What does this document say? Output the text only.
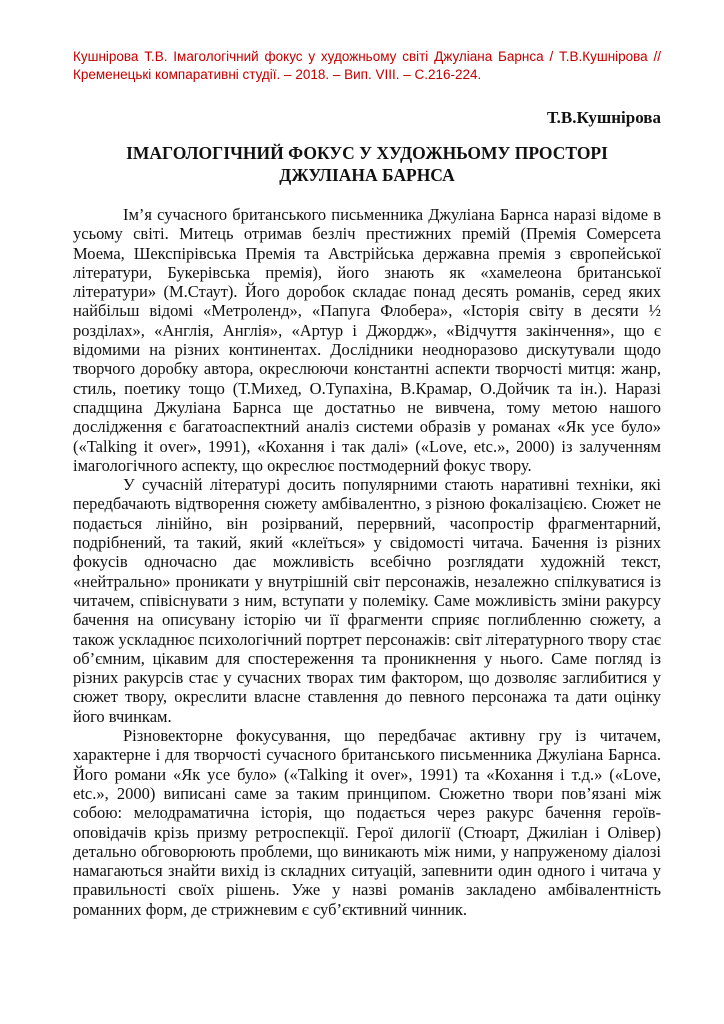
Кушнірова Т.В. Імагологічний фокус у художньому світі Джуліана Барнса / Т.В.Кушнірова //
Кременецькі компаративні студії. – 2018. – Вип. VIII. – С.216-224.
Т.В.Кушнірова
ІМАГОЛОГІЧНИЙ ФОКУС У ХУДОЖНЬОМУ ПРОСТОРІ
ДЖУЛІАНА БАРНСА

Ім’я сучасного британського письменника Джуліана Барнса наразі відоме в усьому світі. Митець отримав безліч престижних премій (Премія Сомерсета Моема, Шекспірівська Премія та Австрійська державна премія з європейської літератури, Букерівська премія), його знають як «хамелеона британської літератури» (М.Стаут). Його доробок складає понад десять романів, серед яких найбільш відомі «Метроленд», «Папуга Флобера», «Історія світу в десяти ½ розділах», «Англія, Англія», «Артур і Джордж», «Відчуття закінчення», що є відомими на різних континентах. Дослідники неодноразово дискутували щодо творчого доробку автора, окреслюючи константні аспекти творчості митця: жанр, стиль, поетику тощо (Т.Михед, О.Тупахіна, В.Крамар, О.Дойчик та ін.). Наразі спадщина Джуліана Барнса ще достатньо не вивчена, тому метою нашого дослідження є багатоаспектний аналіз системи образів у романах «Як усе було» («Talking it over», 1991), «Кохання і так далі» («Love, etc.», 2000) із залученням імагологічного аспекту, що окреслює постмодерний фокус твору.

У сучасній літературі досить популярними стають наративні техніки, які передбачають відтворення сюжету амбівалентно, з різною фокалізацією. Сюжет не подається лінійно, він розірваний, перервний, часопростір фрагментарний, подрібнений, та такий, який «клеїться» у свідомості читача. Бачення із різних фокусів одночасно дає можливість всебічно розглядати художній текст, «нейтрально» проникати у внутрішній світ персонажів, незалежно спілкуватися із читачем, співіснувати з ним, вступати у полеміку. Саме можливість зміни ракурсу бачення на описувану історію чи її фрагменти сприяє поглибленню сюжету, а також ускладнює психологічний портрет персонажів: світ літературного твору стає об’ємним, цікавим для спостереження та проникнення у нього. Саме погляд із різних ракурсів стає у сучасних творах тим фактором, що дозволяє заглибитися у сюжет твору, окреслити власне ставлення до певного персонажа та дати оцінку його вчинкам.

Різновекторне фокусування, що передбачає активну гру із читачем, характерне і для творчості сучасного британського письменника Джуліана Барнса. Його романи «Як усе було» («Talking it over», 1991) та «Кохання і т.д.» («Love, etc.», 2000) виписані саме за таким принципом. Сюжетно твори пов’язані між собою: мелодраматична історія, що подається через ракурс бачення героїв-оповідачів крізь призму ретроспекції. Герої дилогії (Стюарт, Джиліан і Олівер) детально обговорюють проблеми, що виникають між ними, у напруженому діалозі намагаються знайти вихід із складних ситуацій, запевнити один одного і читача у правильності своїх рішень. Уже у назві романів закладено амбівалентність романних форм, де стрижневим є суб’єктивний чинник.
